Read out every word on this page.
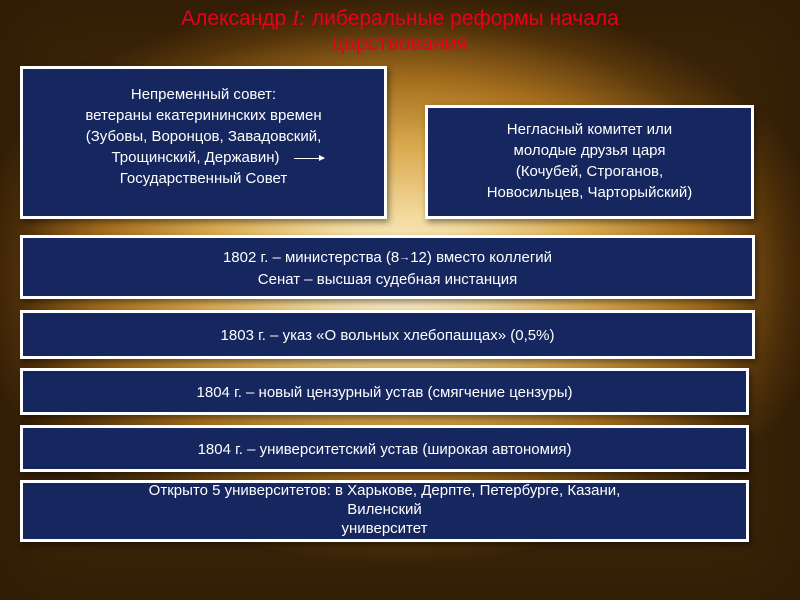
Александр I: либеральные реформы начала
царствования
Непременный совет:
ветераны екатерининских времен
(Зубовы, Воронцов, Завадовский,
Трощинский, Державин)
Государственный Совет
Негласный комитет или
молодые друзья царя
(Кочубей, Строганов,
Новосильцев, Чарторыйский)
1802 г. – министерства (8→12) вместо коллегий
Сенат – высшая судебная инстанция
1803 г. – указ «О вольных хлебопашцах» (0,5%)
1804 г. – новый цензурный устав (смягчение цензуры)
1804 г. – университетский устав (широкая автономия)
Открыто 5 университетов: в Харькове, Дерпте, Петербурге, Казани,
Виленский
университет
